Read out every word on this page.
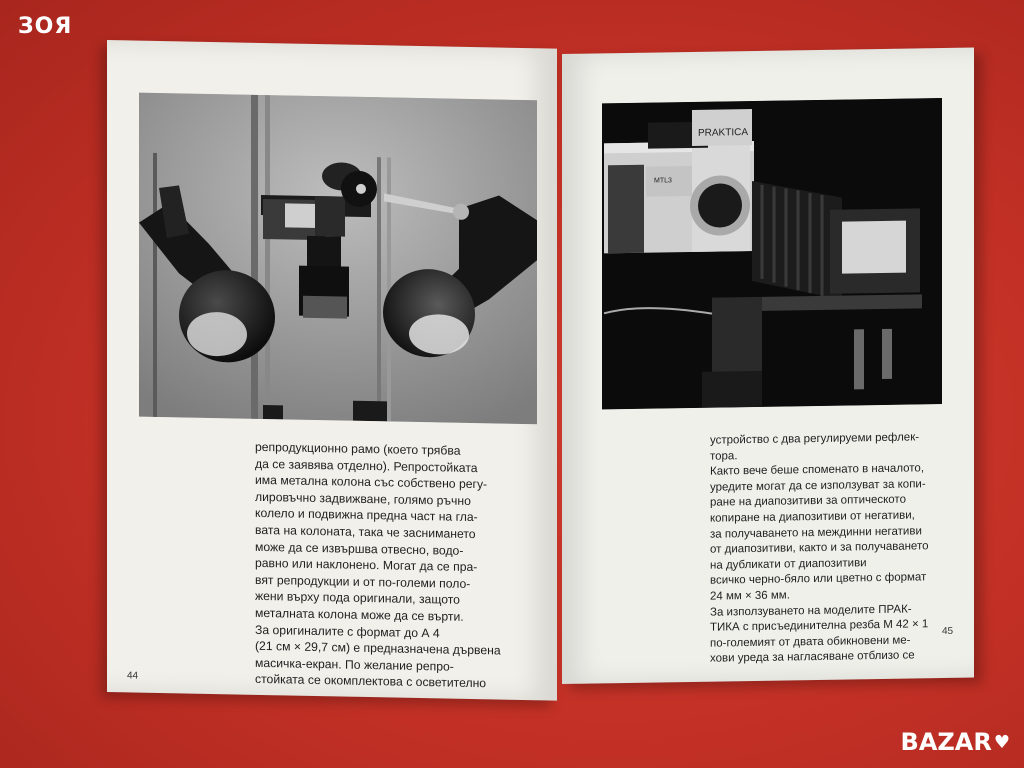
репродукционно рамо (което трябва
да се заявява отделно). Репростойката
има метална колона със собствено регу-
лировъчно задвижване, голямо ръчно
колело и подвижна предна част на гла-
вата на колоната, така че заснимането
може да се извършва отвесно, водо-
равно или наклонено. Могат да се пра-
вят репродукции и от по-големи поло-
жени върху пода оригинали, защото
металната колона може да се върти.

За оригиналите с формат до А 4
(21 см × 29,7 см) е предназначена дървена
масичка-екран. По желание репро-
стойката се окомплектова с осветително

44
PRAKTICA
MTL3

устройство с два регулируеми рефлек-
тора.

Както вече беше споменато в началото,
уредите могат да се използуват за копи-
ране на диапозитиви за оптическото
копиране на диапозитиви от негативи,
за получаването на междинни негативи
от диапозитиви, както и за получаването
на дубликати от диапозитиви
всичко черно-бяло или цветно с формат
24 мм × 36 мм.

За използуването на моделите ПРАК-
ТИКА с присъединителна резба М 42 × 1
по-големият от двата обикновени ме-
хови уреда за нагласяване отблизо се

45
ЗОЯ
BAZAR ♥
